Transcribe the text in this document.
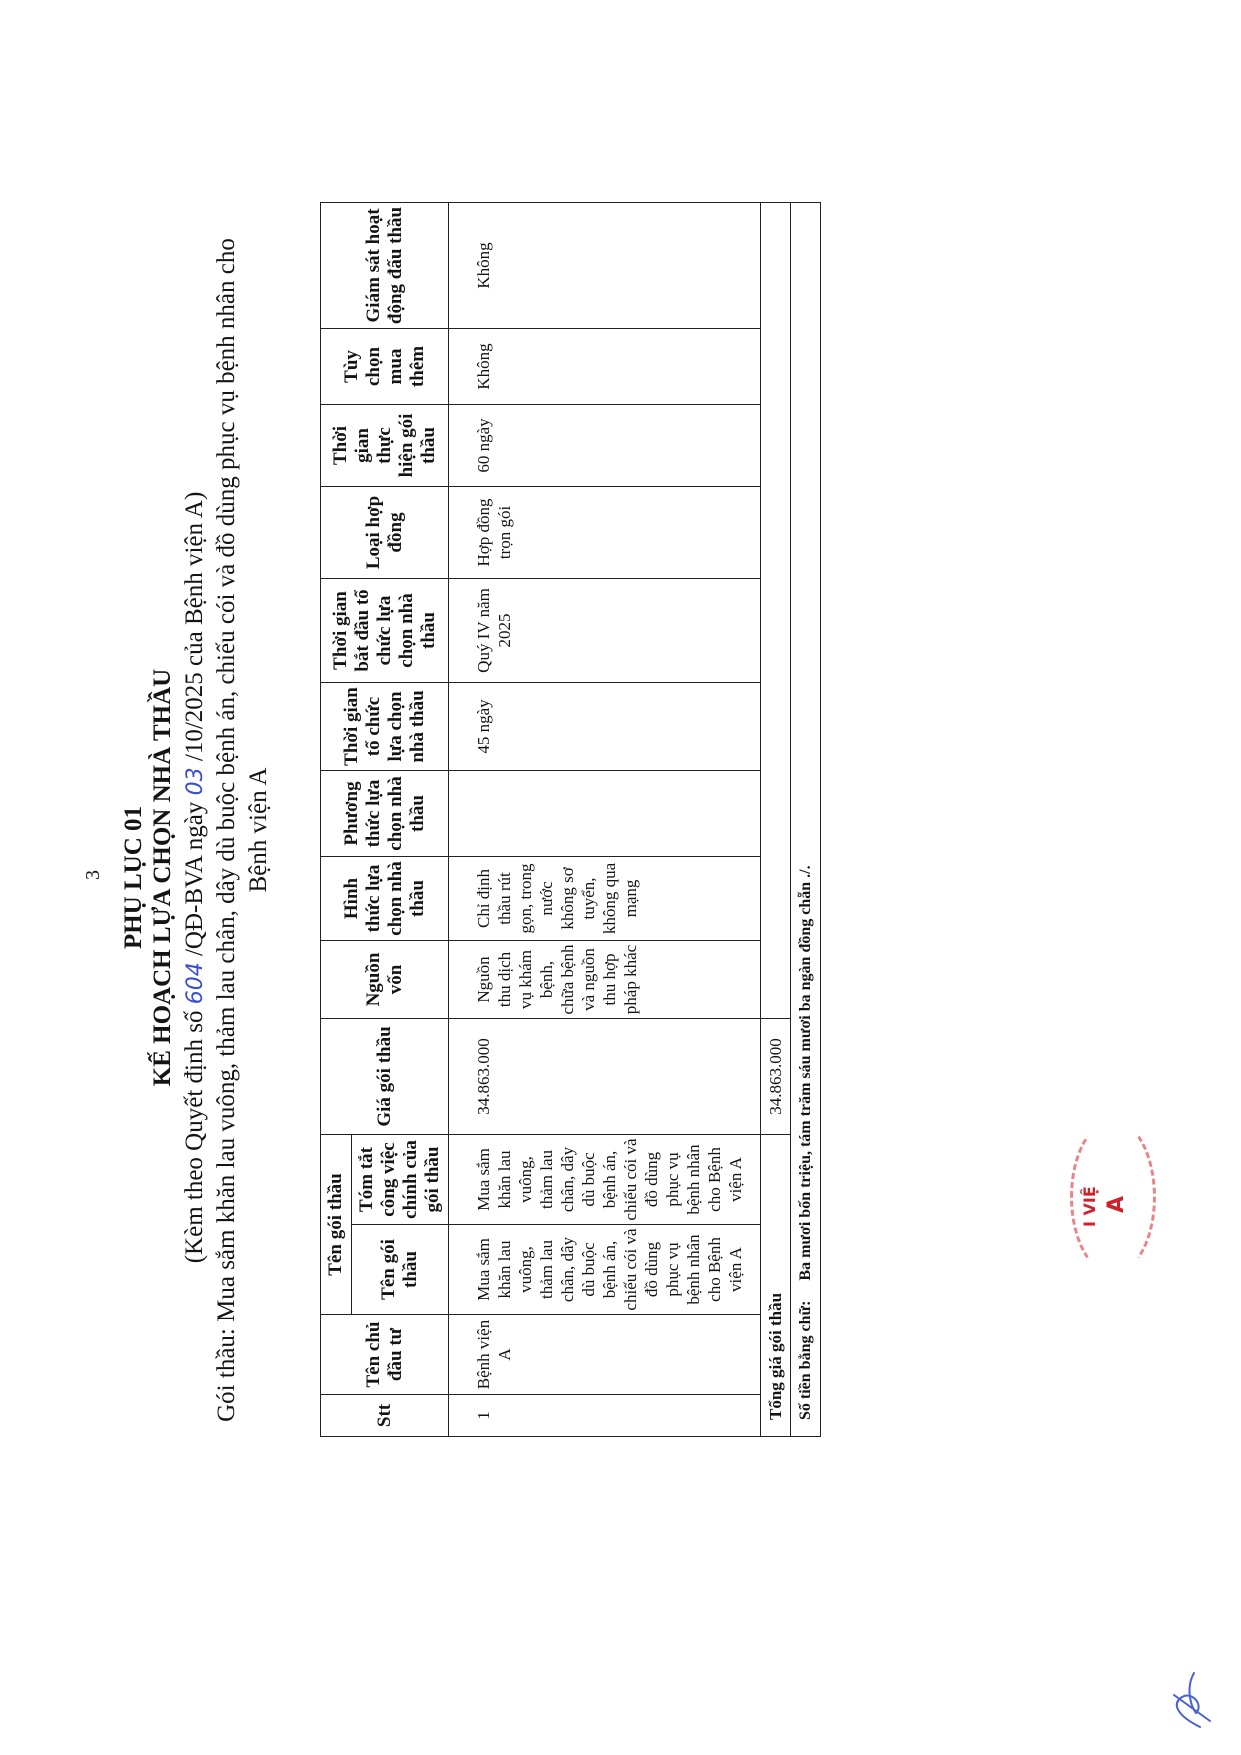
3 PHỤ LỤC 01 KẾ HOẠCH LỰA CHỌN NHÀ THẦU
(Kèm theo Quyết định số 604 /QĐ-BVA ngày 03 /10/2025 của Bệnh viện A) Gói thầu: Mua sắm khăn lau vuông, thảm lau chân, dây dù buộc bệnh án, chiếu cói và đồ dùng phục vụ bệnh nhân cho Bệnh viện A
Stt	Tên chủ đầu tư	Tên gói thầu		Giá gói thầu	Nguồn vốn	Hình thức lựa chọn nhà thầu	Phương thức lựa chọn nhà thầu	Thời gian tổ chức lựa chọn nhà thầu	Thời gian bắt đầu tổ chức lựa chọn nhà thầu	Loại hợp đồng	Thời gian thực hiện gói thầu	Tùy chọn mua thêm	Giám sát hoạt động đấu thầu
		Tên gói thầu	Tóm tắt công việc chính của gói thầu										
1	Bệnh viện A	Mua sắm khăn lau vuông, thảm lau chân, dây dù buộc bệnh án, chiếu cói và đồ dùng phục vụ bệnh nhân cho Bệnh viện A	Mua sắm khăn lau vuông, thảm lau chân, dây dù buộc bệnh án, chiếu cói và đồ dùng phục vụ bệnh nhân cho Bệnh viện A	34.863.000	Nguồn thu dịch vụ khám bệnh, chữa bệnh và nguồn thu hợp pháp khác	Chỉ định thầu rút gọn, trong nước không sơ tuyển, không qua mạng		45 ngày	Quý IV năm 2025	Hợp đồng trọn gói	60 ngày	Không	Không
Tổng giá gói thầu				34.863.000									
Số tiền bằng chữ:     Ba mươi bốn triệu, tám trăm sáu mươi ba ngàn đồng chẵn ./.														I VIỆ A
